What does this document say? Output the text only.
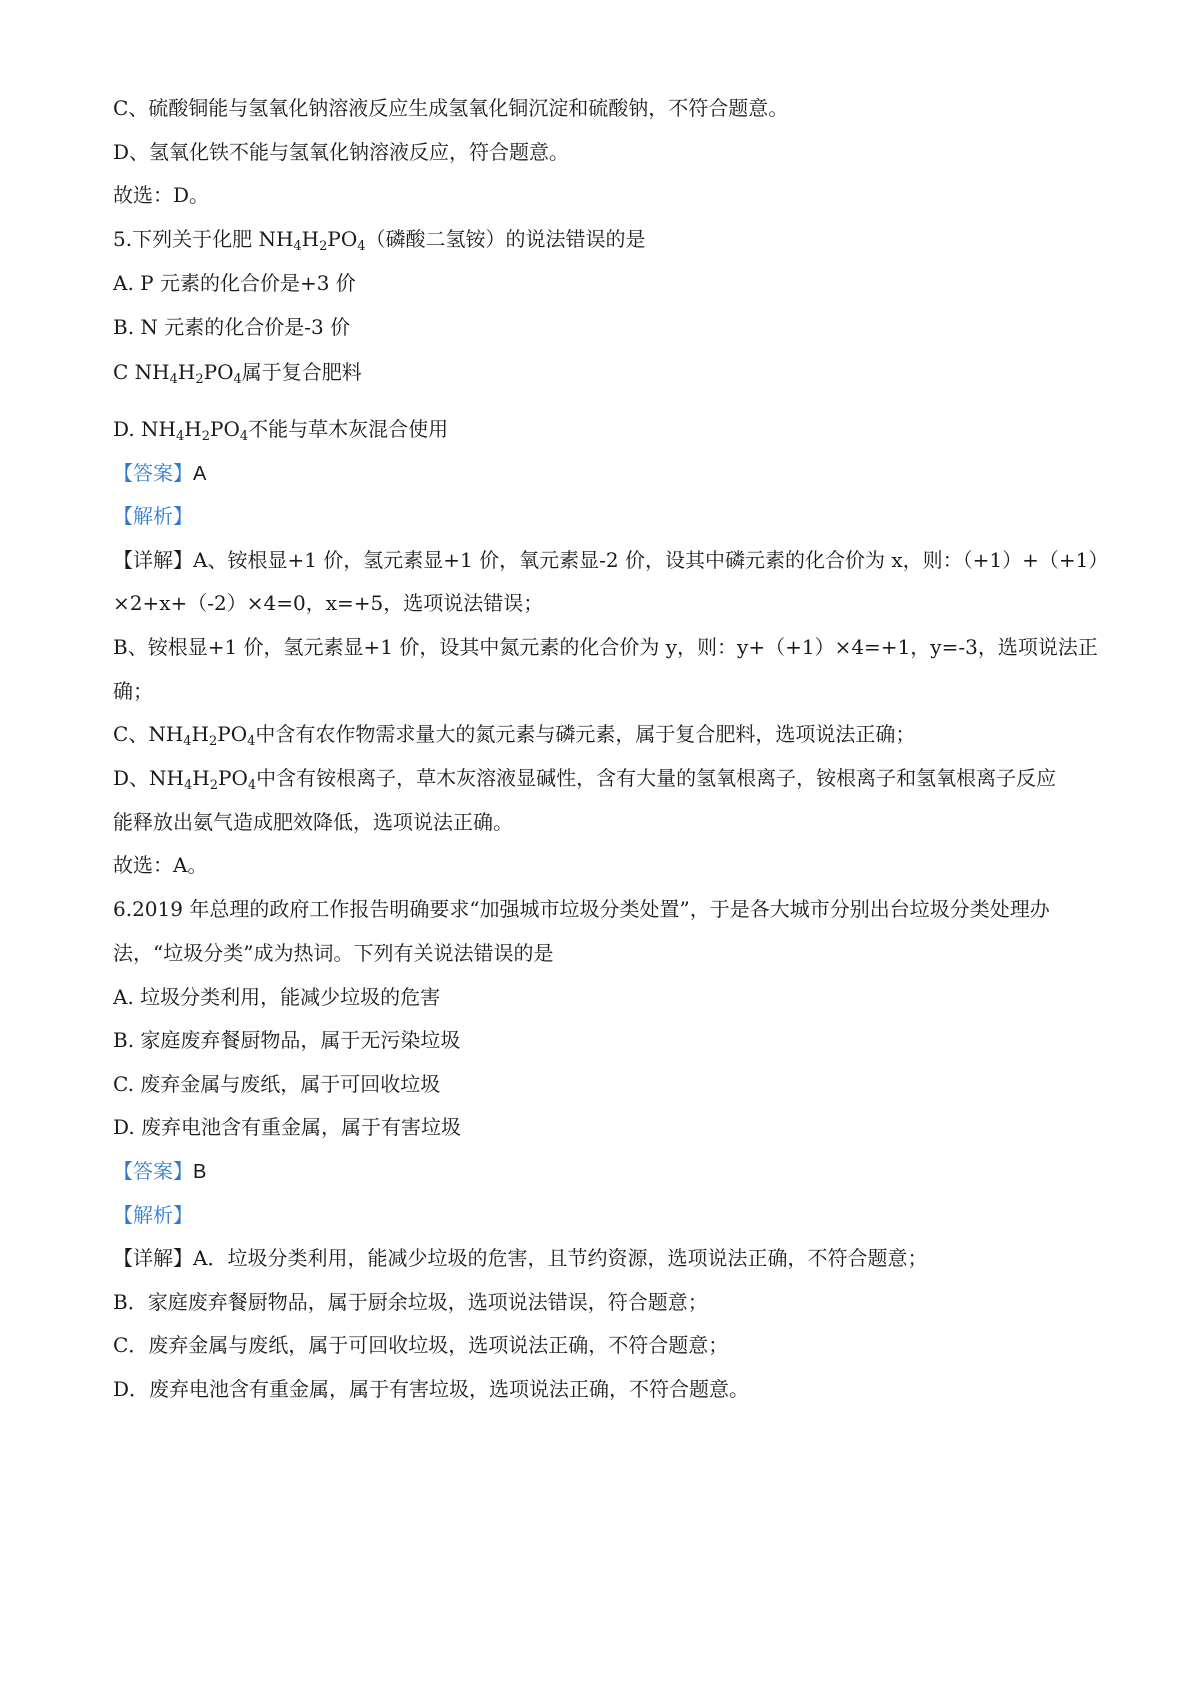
C、硫酸铜能与氢氧化钠溶液反应生成氢氧化铜沉淀和硫酸钠，不符合题意。
D、氢氧化铁不能与氢氧化钠溶液反应，符合题意。
故选：D。
5.下列关于化肥 $NH_4H_2PO_4$（磷酸二氢铵）的说法错误的是
A. P 元素的化合价是+3 价
B. N 元素的化合价是-3 价
C $NH_4H_2PO_4$属于复合肥料
D. $NH_4H_2PO_4$不能与草木灰混合使用
【答案】A
【解析】
【详解】A、铵根显+1 价，氢元素显+1 价，氧元素显-2 价，设其中磷元素的化合价为 x，则：（+1）+（+1）
×2+x+（-2）×4=0，x=+5，选项说法错误；
B、铵根显+1 价，氢元素显+1 价，设其中氮元素的化合价为 y，则：y+（+1）×4=+1，y=-3，选项说法正
确；
C、$NH_4H_2PO_4$中含有农作物需求量大的氮元素与磷元素，属于复合肥料，选项说法正确；
D、$NH_4H_2PO_4$中含有铵根离子，草木灰溶液显碱性，含有大量的氢氧根离子，铵根离子和氢氧根离子反应
能释放出氨气造成肥效降低，选项说法正确。
故选：A。
6.2019 年总理的政府工作报告明确要求“加强城市垃圾分类处置”，于是各大城市分别出台垃圾分类处理办
法，“垃圾分类”成为热词。下列有关说法错误的是
A. 垃圾分类利用，能减少垃圾的危害
B. 家庭废弃餐厨物品，属于无污染垃圾
C. 废弃金属与废纸，属于可回收垃圾
D. 废弃电池含有重金属，属于有害垃圾
【答案】B
【解析】
【详解】A．垃圾分类利用，能减少垃圾的危害，且节约资源，选项说法正确，不符合题意；
B．家庭废弃餐厨物品，属于厨余垃圾，选项说法错误，符合题意；
C．废弃金属与废纸，属于可回收垃圾，选项说法正确，不符合题意；
D．废弃电池含有重金属，属于有害垃圾，选项说法正确，不符合题意。
